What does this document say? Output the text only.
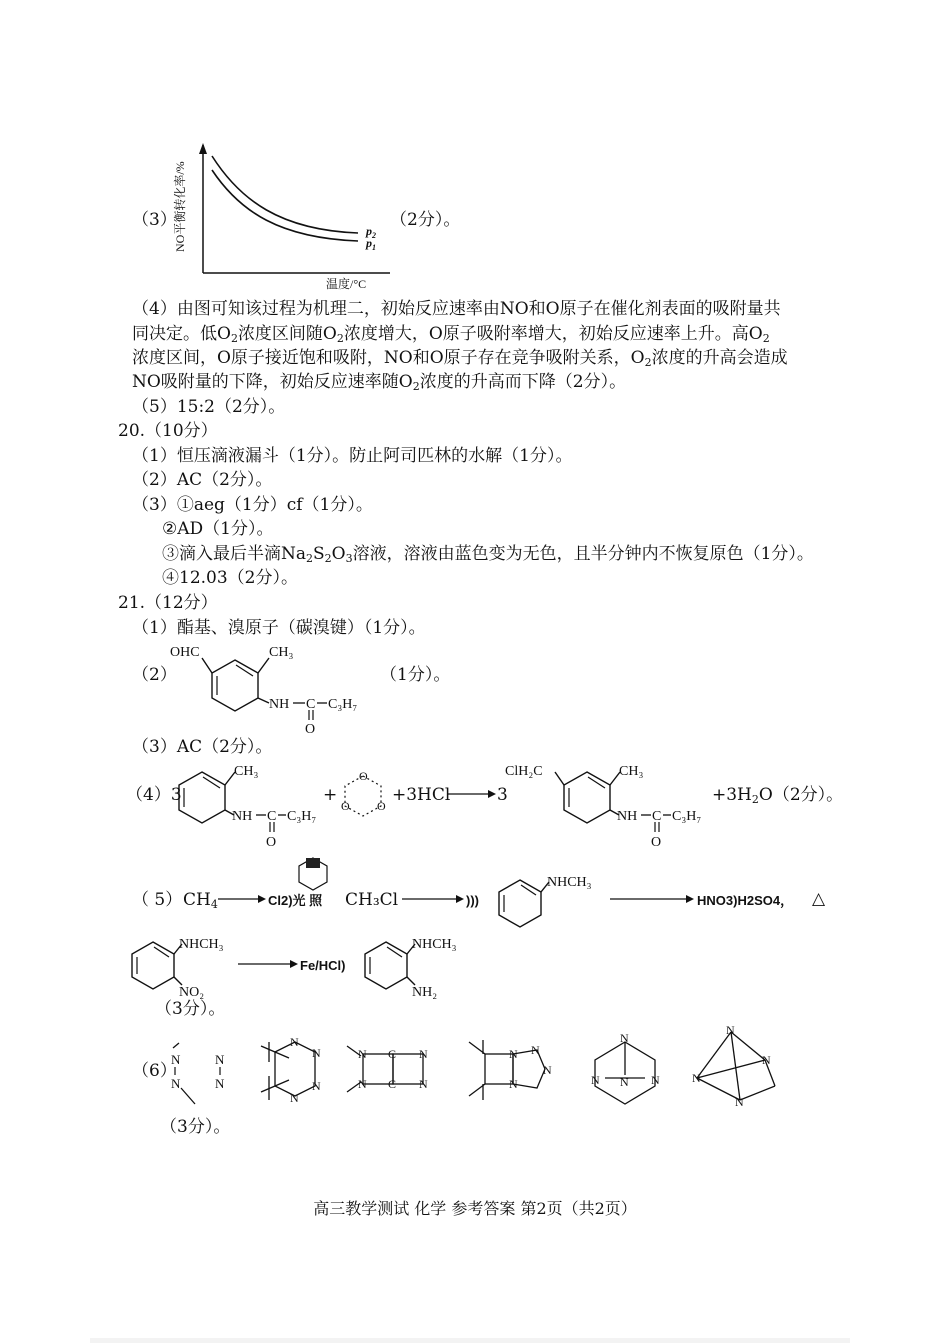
（3）
$p_2$
$p_1$
NO平衡转化率/%
温度/°C
（2分）。
（4）由图可知该过程为机理二，初始反应速率由NO和O原子在催化剂表面的吸附量共
同决定。低$O_2$浓度区间随$O_2$浓度增大，O原子吸附率增大，初始反应速率上升。高$O_2$
浓度区间，O原子接近饱和吸附，NO和O原子存在竞争吸附关系，$O_2$浓度的升高会造成
NO吸附量的下降，初始反应速率随$O_2$浓度的升高而下降（2分）。
（5）15:2（2分）。
20.（10分）
（1）恒压滴液漏斗（1分）。防止阿司匹林的水解（1分）。
（2）AC（2分）。
（3）①aeg（1分）cf（1分）。
②AD（1分）。
③滴入最后半滴$Na_2S_2O_3$溶液，溶液由蓝色变为无色，且半分钟内不恢复原色（1分）。
④12.03（2分）。
21.（12分）
（1）酯基、溴原子（碳溴键）（1分）。
（2）
OHC	CH₃
NH C C₃H₇
O
（1分）。
（3）AC（2分）。
（4）3
CH₃
NH C C₃H₇
O
+
O
O O
+3HCl	3
ClH₂C	CH₃
NH C C₃H₇
O
$+3H_2O(2$分）。
（ 5） $CH_4$	Cl2)光 照 CH₃Cl	)))
NHCH₃
HNO3)H2SO4， △
NHCH₃
NO₂
Fe/HCl)
NHCH₃
NH₂
（3分）。
（6）
N
N
N
N
N
N
N
N
N
N
C
C
N
N
N N
N
N
N
N	N
N
N
N
N
N
（3分）。
高三教学测试 化学 参考答案 第2页（共2页）
